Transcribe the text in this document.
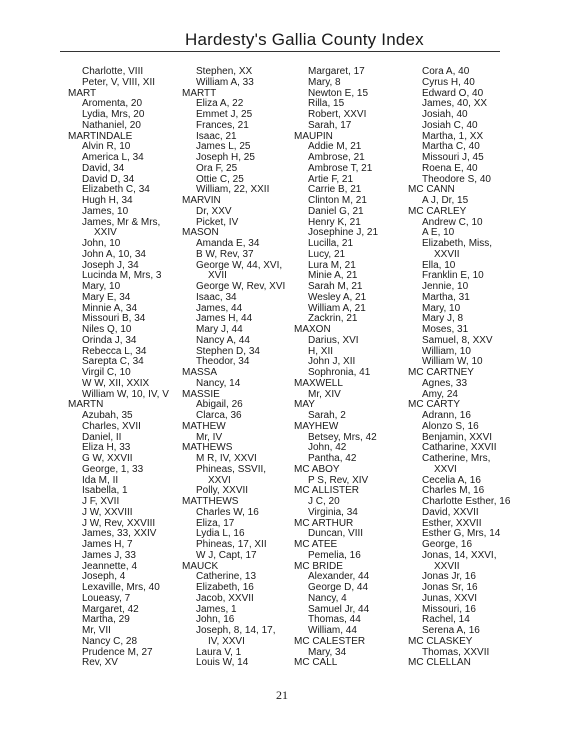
Hardesty's Gallia County Index
Charlotte, VIII
Peter, V, VIII, XII
MART
Aromenta, 20
Lydia, Mrs, 20
Nathaniel, 20
MARTINDALE
Alvin R, 10
America L, 34
David, 34
David D, 34
Elizabeth C, 34
Hugh H, 34
James, 10
James, Mr & Mrs,
XXIV
John, 10
John A, 10, 34
Joseph J, 34
Lucinda M, Mrs, 3
Mary, 10
Mary E, 34
Minnie A, 34
Missouri B, 34
Niles Q, 10
Orinda J, 34
Rebecca L, 34
Sarepta C, 34
Virgil C, 10
W W, XII, XXIX
William W, 10, IV, V
MARTN
Azubah, 35
Charles, XVII
Daniel, II
Eliza H, 33
G W, XXVII
George, 1, 33
Ida M, II
Isabella, 1
J F, XVII
J W, XXVIII
J W, Rev, XXVIII
James, 33, XXIV
James H, 7
James J, 33
Jeannette, 4
Joseph, 4
Lexaville, Mrs, 40
Loueasy, 7
Margaret, 42
Martha, 29
Mr, VII
Nancy C, 28
Prudence M, 27
Rev, XV
Stephen, XX
William A, 33
MARTT
Eliza A, 22
Emmet J, 25
Frances, 21
Isaac, 21
James L, 25
Joseph H, 25
Ora F, 25
Ottie C, 25
William, 22, XXII
MARVIN
Dr, XXV
Picket, IV
MASON
Amanda E, 34
B W, Rev, 37
George W, 44, XVI,
XVII
George W, Rev, XVI
Isaac, 34
James, 44
James H, 44
Mary J, 44
Nancy A, 44
Stephen D, 34
Theodor, 34
MASSA
Nancy, 14
MASSIE
Abigail, 26
Clarca, 36
MATHEW
Mr, IV
MATHEWS
M R, IV, XXVI
Phineas, SSVII,
XXVI
Polly, XXVII
MATTHEWS
Charles W, 16
Eliza, 17
Lydia L, 16
Phineas, 17, XII
W J, Capt, 17
MAUCK
Catherine, 13
Elizabeth, 16
Jacob, XXVII
James, 1
John, 16
Joseph, 8, 14, 17,
IV, XXVI
Laura V, 1
Louis W, 14
Margaret, 17
Mary, 8
Newton E, 15
Rilla, 15
Robert, XXVI
Sarah, 17
MAUPIN
Addie M, 21
Ambrose, 21
Ambrose T, 21
Artie F, 21
Carrie B, 21
Clinton M, 21
Daniel G, 21
Henry K, 21
Josephine J, 21
Lucilla, 21
Lucy, 21
Lura M, 21
Minie A, 21
Sarah M, 21
Wesley A, 21
William A, 21
Zackrin, 21
MAXON
Darius, XVI
H, XII
John J, XII
Sophronia, 41
MAXWELL
Mr, XIV
MAY
Sarah, 2
MAYHEW
Betsey, Mrs, 42
John, 42
Pantha, 42
MC ABOY
P S, Rev, XIV
MC ALLISTER
J C, 20
Virginia, 34
MC ARTHUR
Duncan, VIII
MC ATEE
Pemelia, 16
MC BRIDE
Alexander, 44
George D, 44
Nancy, 4
Samuel Jr, 44
Thomas, 44
William, 44
MC CALESTER
Mary, 34
MC CALL
Cora A, 40
Cyrus H, 40
Edward O, 40
James, 40, XX
Josiah, 40
Josiah C, 40
Martha, 1, XX
Martha C, 40
Missouri J, 45
Roena E, 40
Theodore S, 40
MC CANN
A J, Dr, 15
MC CARLEY
Andrew C, 10
A E, 10
Elizabeth, Miss,
XXVII
Ella, 10
Franklin E, 10
Jennie, 10
Martha, 31
Mary, 10
Mary J, 8
Moses, 31
Samuel, 8, XXV
William, 10
William W, 10
MC CARTNEY
Agnes, 33
Amy, 24
MC CARTY
Adrann, 16
Alonzo S, 16
Benjamin, XXVI
Catharine, XXVII
Catherine, Mrs,
XXVI
Cecelia A, 16
Charles M, 16
Charlotte Esther, 16
David, XXVII
Esther, XXVII
Esther G, Mrs, 14
George, 16
Jonas, 14, XXVI,
XXVII
Jonas Jr, 16
Jonas Sr, 16
Junas, XXVI
Missouri, 16
Rachel, 14
Serena A, 16
MC CLASKEY
Thomas, XXVII
MC CLELLAN
21
